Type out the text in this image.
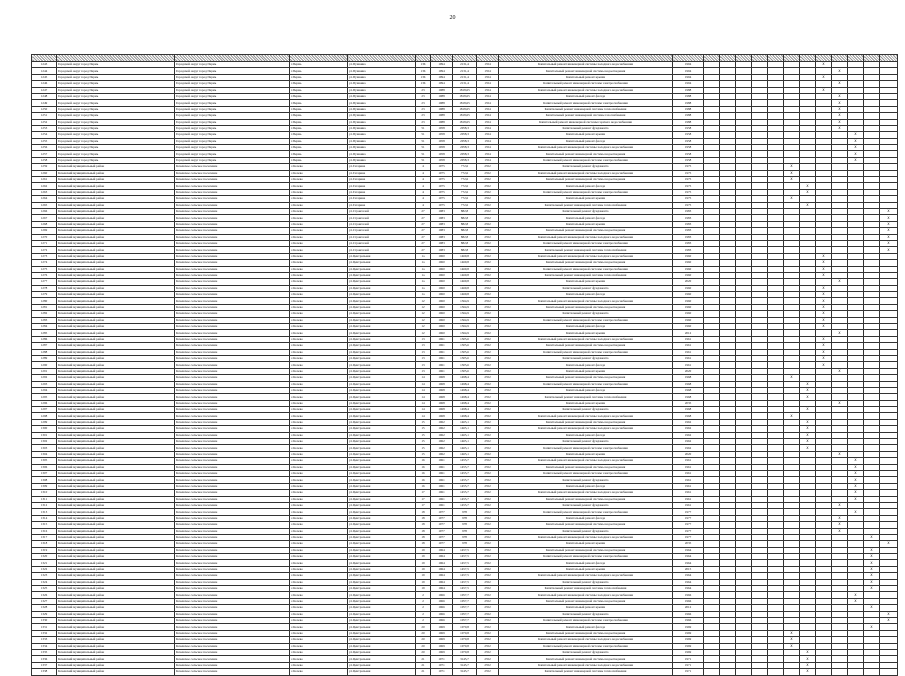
20

1243	Городской округ город Пермь	Городской округ город Пермь	г.Пермь	ул.Пушкина	136	1994	2131,4	1354	Капитальный ремонт инженерной системы холодного водоснабжения	1994								X				
1244	Городской округ город Пермь	Городской округ город Пермь	г.Пермь	ул.Пушкина	136	1994	2131,4	1354	Капитальный ремонт инженерной системы водоотведения	1994									X			
1245	Городской округ город Пермь	Городской округ город Пермь	г.Пермь	ул.Пушкина	136	1994	2131,4	1354	Капитальный ремонт крыши	1994								X				
1246	Городской округ город Пермь	Городской округ город Пермь	г.Пермь	ул.Пушкина	136	1994	2131,4	1354	Капитальный ремонт инженерной системы электроснабжения	1994									X			
1247	Городской округ город Пермь	Городской округ город Пермь	г.Пермь	ул.Пушкина	23	1988	1818,65	1354	Капитальный ремонт инженерной системы холодного водоснабжения	1988								X				
1248	Городской округ город Пермь	Городской округ город Пермь	г.Пермь	ул.Пушкина	23	1988	1818,65	1354	Капитальный ремонт фасада	1988									X			
1249	Городской округ город Пермь	Городской округ город Пермь	г.Пермь	ул.Пушкина	23	1988	1818,65	1354	Капитальный ремонт инженерной системы электроснабжения	1988									X			
1250	Городской округ город Пермь	Городской округ город Пермь	г.Пермь	ул.Пушкина	23	1988	1818,65	1354	Капитальный ремонт инженерной системы теплоснабжения	1988									X			
1251	Городской округ город Пермь	Городской округ город Пермь	г.Пермь	ул.Пушкина	23	1988	1818,65	1354	Капитальный ремонт инженерной системы газоснабжения	1988									X			
1252	Городской округ город Пермь	Городской округ город Пермь	г.Пермь	ул.Пушкина	23	1988	1818,65	1354	Капитальный ремонт инженерной системы горячего водоснабжения	1988									X			
1253	Городской округ город Пермь	Городской округ город Пермь	г.Пермь	ул.Пушкина	51	1958	2058,3	1354	Капитальный ремонт фундамента	1958									X			
1254	Городской округ город Пермь	Городской округ город Пермь	г.Пермь	ул.Пушкина	51	1958	2058,3	1354	Капитальный ремонт крыши	1958										X		
1255	Городской округ город Пермь	Городской округ город Пермь	г.Пермь	ул.Пушкина	51	1958	2058,3	1354	Капитальный ремонт фасада	1958										X		
1256	Городской округ город Пермь	Городской округ город Пермь	г.Пермь	ул.Пушкина	51	1958	2058,3	1354	Капитальный ремонт инженерной системы холодного водоснабжения	1958										X		
1257	Городской округ город Пермь	Городской округ город Пермь	г.Пермь	ул.Пушкина	51	1958	2058,3	1354	Капитальный ремонт инженерной системы водоотведения	1958										X		
1258	Городской округ город Пермь	Городской округ город Пермь	г.Пермь	ул.Пушкина	51	1958	2058,3	1354	Капитальный ремонт инженерной системы электроснабжения	1958										X		
1259	Кочевский муниципальный район	Кочевское сельское поселение	с.Кочево	ул.Гагарина	4	1975	772,6	2352	Капитальный ремонт фундамента	1975						X						
1260	Кочевский муниципальный район	Кочевское сельское поселение	с.Кочево	ул.Гагарина	4	1975	772,6	2352	Капитальный ремонт инженерной системы холодного водоснабжения	1975						X						
1261	Кочевский муниципальный район	Кочевское сельское поселение	с.Кочево	ул.Гагарина	4	1975	772,6	2352	Капитальный ремонт инженерной системы водоотведения	1975						X						
1262	Кочевский муниципальный район	Кочевское сельское поселение	с.Кочево	ул.Гагарина	4	1975	772,6	2352	Капитальный ремонт фасада	1975							X					
1263	Кочевский муниципальный район	Кочевское сельское поселение	с.Кочево	ул.Гагарина	4	1975	772,6	2352	Капитальный ремонт инженерной системы электроснабжения	1975							X					
1264	Кочевский муниципальный район	Кочевское сельское поселение	с.Кочево	ул.Гагарина	4	1975	772,6	2352	Капитальный ремонт крыши	1975						X						
1265	Кочевский муниципальный район	Кочевское сельское поселение	с.Кочево	ул.Гагарина	4	1975	772,6	2352	Капитальный ремонт инженерной системы теплоснабжения	1975							X					
1266	Кочевский муниципальный район	Кочевское сельское поселение	с.Кочево	ул.Строителей	27	1983	882,8	2352	Капитальный ремонт фундамента	1983												X
1267	Кочевский муниципальный район	Кочевское сельское поселение	с.Кочево	ул.Строителей	27	1983	882,8	2352	Капитальный ремонт фасада	1983												X
1268	Кочевский муниципальный район	Кочевское сельское поселение	с.Кочево	ул.Строителей	27	1983	882,8	2352	Капитальный ремонт крыши	1983												X
1269	Кочевский муниципальный район	Кочевское сельское поселение	с.Кочево	ул.Строителей	27	1983	882,8	2352	Капитальный ремонт инженерной системы водоотведения	1983												X
1270	Кочевский муниципальный район	Кочевское сельское поселение	с.Кочево	ул.Строителей	27	1983	882,8	2352	Капитальный ремонт инженерной системы холодного водоснабжения	1983												X
1271	Кочевский муниципальный район	Кочевское сельское поселение	с.Кочево	ул.Строителей	27	1983	882,8	2352	Капитальный ремонт инженерной системы электроснабжения	1983												X
1272	Кочевский муниципальный район	Кочевское сельское поселение	с.Кочево	ул.Строителей	27	1983	882,8	2352	Капитальный ремонт инженерной системы теплоснабжения	1983												X
1273	Кочевский муниципальный район	Кочевское сельское поселение	с.Кочево	ул.Центральная	1а	1960	1469,8	2352	Капитальный ремонт инженерной системы холодного водоснабжения	1960								X				
1274	Кочевский муниципальный район	Кочевское сельское поселение	с.Кочево	ул.Центральная	1а	1960	1469,8	2352	Капитальный ремонт инженерной системы водоотведения	1960								X				
1275	Кочевский муниципальный район	Кочевское сельское поселение	с.Кочево	ул.Центральная	1а	1960	1469,8	2352	Капитальный ремонт инженерной системы электроснабжения	1960								X				
1276	Кочевский муниципальный район	Кочевское сельское поселение	с.Кочево	ул.Центральная	1а	1960	1469,8	2352	Капитальный ремонт инженерной системы теплоснабжения	1960								X				
1277	Кочевский муниципальный район	Кочевское сельское поселение	с.Кочево	ул.Центральная	1а	1960	1469,8	2352	Капитальный ремонт крыши	2020									X			
1278	Кочевский муниципальный район	Кочевское сельское поселение	с.Кочево	ул.Центральная	1а	1960	1469,8	2352	Капитальный ремонт фундамента	1960								X				
1279	Кочевский муниципальный район	Кочевское сельское поселение	с.Кочево	ул.Центральная	1а	1960	1469,8	2352	Капитальный ремонт фасада	1960								X				
1280	Кочевский муниципальный район	Кочевское сельское поселение	с.Кочево	ул.Центральная	12	1960	1364,9	2352	Капитальный ремонт инженерной системы холодного водоснабжения	1960								X				
1281	Кочевский муниципальный район	Кочевское сельское поселение	с.Кочево	ул.Центральная	12	1960	1364,9	2352	Капитальный ремонт инженерной системы водоотведения	1960								X				
1282	Кочевский муниципальный район	Кочевское сельское поселение	с.Кочево	ул.Центральная	12	1960	1364,9	2352	Капитальный ремонт фундамента	1960								X				
1283	Кочевский муниципальный район	Кочевское сельское поселение	с.Кочево	ул.Центральная	12	1960	1364,9	2352	Капитальный ремонт инженерной системы электроснабжения	1960								X				
1284	Кочевский муниципальный район	Кочевское сельское поселение	с.Кочево	ул.Центральная	12	1960	1364,9	2352	Капитальный ремонт фасада	1960								X				
1285	Кочевский муниципальный район	Кочевское сельское поселение	с.Кочево	ул.Центральная	12	1960	1364,9	2352	Капитальный ремонт крыши	2012									X			
1286	Кочевский муниципальный район	Кочевское сельское поселение	с.Кочево	ул.Центральная	13	1961	1305,6	2352	Капитальный ремонт инженерной системы холодного водоснабжения	1961								X				
1287	Кочевский муниципальный район	Кочевское сельское поселение	с.Кочево	ул.Центральная	13	1961	1305,6	2352	Капитальный ремонт инженерной системы водоотведения	1961								X				
1288	Кочевский муниципальный район	Кочевское сельское поселение	с.Кочево	ул.Центральная	13	1961	1305,6	2352	Капитальный ремонт инженерной системы электроснабжения	1961								X				
1289	Кочевский муниципальный район	Кочевское сельское поселение	с.Кочево	ул.Центральная	13	1961	1305,6	2352	Капитальный ремонт фундамента	1961								X				
1290	Кочевский муниципальный район	Кочевское сельское поселение	с.Кочево	ул.Центральная	13	1961	1305,6	2352	Капитальный ремонт фасада	1961								X				
1291	Кочевский муниципальный район	Кочевское сельское поселение	с.Кочево	ул.Центральная	13	1961	1305,6	2352	Капитальный ремонт крыши	2020									X			
1292	Кочевский муниципальный район	Кочевское сельское поселение	с.Кочево	ул.Центральная	14	1968	1498,4	2352	Капитальный ремонт инженерной системы водоотведения	1968						X						
1293	Кочевский муниципальный район	Кочевское сельское поселение	с.Кочево	ул.Центральная	14	1968	1498,4	2352	Капитальный ремонт инженерной системы электроснабжения	1968							X					
1294	Кочевский муниципальный район	Кочевское сельское поселение	с.Кочево	ул.Центральная	14	1968	1498,4	2352	Капитальный ремонт фасада	1968							X					
1295	Кочевский муниципальный район	Кочевское сельское поселение	с.Кочево	ул.Центральная	14	1968	1498,4	2352	Капитальный ремонт инженерной системы теплоснабжения	1968							X					
1296	Кочевский муниципальный район	Кочевское сельское поселение	с.Кочево	ул.Центральная	14	1968	1498,4	2352	Капитальный ремонт крыши	2035									X			
1297	Кочевский муниципальный район	Кочевское сельское поселение	с.Кочево	ул.Центральная	14	1968	1498,4	2352	Капитальный ремонт фундамента	1968							X					
1298	Кочевский муниципальный район	Кочевское сельское поселение	с.Кочево	ул.Центральная	14	1968	1498,4	2352	Капитальный ремонт инженерной системы холодного водоснабжения	1968						X						
1299	Кочевский муниципальный район	Кочевское сельское поселение	с.Кочево	ул.Центральная	15	1962	1465,1	2352	Капитальный ремонт инженерной системы водоотведения	1962							X					
1300	Кочевский муниципальный район	Кочевское сельское поселение	с.Кочево	ул.Центральная	15	1962	1465,1	2352	Капитальный ремонт инженерной системы холодного водоснабжения	1962							X					
1301	Кочевский муниципальный район	Кочевское сельское поселение	с.Кочево	ул.Центральная	15	1962	1465,1	2352	Капитальный ремонт фасада	1962							X					
1302	Кочевский муниципальный район	Кочевское сельское поселение	с.Кочево	ул.Центральная	15	1962	1465,1	2352	Капитальный ремонт фундамента	1962							X					
1303	Кочевский муниципальный район	Кочевское сельское поселение	с.Кочево	ул.Центральная	15	1962	1465,1	2352	Капитальный ремонт инженерной системы электроснабжения	1962							X					
1304	Кочевский муниципальный район	Кочевское сельское поселение	с.Кочево	ул.Центральная	15	1962	1465,1	2352	Капитальный ремонт крыши	2020									X			
1305	Кочевский муниципальный район	Кочевское сельское поселение	с.Кочево	ул.Центральная	16	1961	1455,7	2352	Капитальный ремонт инженерной системы холодного водоснабжения	1961										X		
1306	Кочевский муниципальный район	Кочевское сельское поселение	с.Кочево	ул.Центральная	16	1961	1455,7	2352	Капитальный ремонт инженерной системы водоотведения	1961										X		
1307	Кочевский муниципальный район	Кочевское сельское поселение	с.Кочево	ул.Центральная	16	1961	1455,7	2352	Капитальный ремонт инженерной системы электроснабжения	1961										X		
1308	Кочевский муниципальный район	Кочевское сельское поселение	с.Кочево	ул.Центральная	16	1961	1455,7	2352	Капитальный ремонт фундамента	1961										X		
1309	Кочевский муниципальный район	Кочевское сельское поселение	с.Кочево	ул.Центральная	16	1961	1455,7	2352	Капитальный ремонт фасада	1961										X		
1310	Кочевский муниципальный район	Кочевское сельское поселение	с.Кочево	ул.Центральная	17	1961	1455,7	2352	Капитальный ремонт инженерной системы холодного водоснабжения	1961										X		
1311	Кочевский муниципальный район	Кочевское сельское поселение	с.Кочево	ул.Центральная	17	1961	1455,7	2352	Капитальный ремонт инженерной системы водоотведения	1961										X		
1312	Кочевский муниципальный район	Кочевское сельское поселение	с.Кочево	ул.Центральная	17	1961	1455,7	2352	Капитальный ремонт фундамента	1961									X			
1313	Кочевский муниципальный район	Кочевское сельское поселение	с.Кочево	ул.Центральная	18	1977	978	2352	Капитальный ремонт инженерной системы электроснабжения	1977										X		
1314	Кочевский муниципальный район	Кочевское сельское поселение	с.Кочево	ул.Центральная	18	1977	978	2352	Капитальный ремонт фасада	1977									X			
1315	Кочевский муниципальный район	Кочевское сельское поселение	с.Кочево	ул.Центральная	18	1977	978	2352	Капитальный ремонт инженерной системы водоотведения	1977									X			
1316	Кочевский муниципальный район	Кочевское сельское поселение	с.Кочево	ул.Центральная	18	1977	978	2352	Капитальный ремонт фундамента	1977									X			
1317	Кочевский муниципальный район	Кочевское сельское поселение	с.Кочево	ул.Центральная	18	1977	978	2352	Капитальный ремонт инженерной системы холодного водоснабжения	1977											X	
1318	Кочевский муниципальный район	Кочевское сельское поселение	с.Кочево	ул.Центральная	18	1977	978	2352	Капитальный ремонт крыши	2035												X
1319	Кочевский муниципальный район	Кочевское сельское поселение	с.Кочево	ул.Центральная	19	1964	1457,5	2352	Капитальный ремонт инженерной системы водоотведения	1964											X	
1320	Кочевский муниципальный район	Кочевское сельское поселение	с.Кочево	ул.Центральная	19	1964	1457,5	2352	Капитальный ремонт инженерной системы электроснабжения	1964											X	
1321	Кочевский муниципальный район	Кочевское сельское поселение	с.Кочево	ул.Центральная	19	1964	1457,5	2352	Капитальный ремонт фасада	1964											X	
1322	Кочевский муниципальный район	Кочевское сельское поселение	с.Кочево	ул.Центральная	19	1964	1457,5	2352	Капитальный ремонт крыши	2015											X	
1323	Кочевский муниципальный район	Кочевское сельское поселение	с.Кочево	ул.Центральная	19	1964	1457,5	2352	Капитальный ремонт инженерной системы холодного водоснабжения	1964											X	
1324	Кочевский муниципальный район	Кочевское сельское поселение	с.Кочево	ул.Центральная	19	1964	1457,5	2352	Капитальный ремонт фундамента	1964											X	
1325	Кочевский муниципальный район	Кочевское сельское поселение	с.Кочево	ул.Центральная	19	1964	1457,5	2352	Капитальный ремонт инженерной системы теплоснабжения	1964											X	
1326	Кочевский муниципальный район	Кочевское сельское поселение	с.Кочево	ул.Центральная	2	1966	1057,7	2352	Капитальный ремонт инженерной системы холодного водоснабжения	1966										X		
1327	Кочевский муниципальный район	Кочевское сельское поселение	с.Кочево	ул.Центральная	2	1966	1057,7	2352	Капитальный ремонт инженерной системы водоотведения	1966										X		
1328	Кочевский муниципальный район	Кочевское сельское поселение	с.Кочево	ул.Центральная	2	1966	1057,7	2352	Капитальный ремонт крыши	2012											X	
1329	Кочевский муниципальный район	Кочевское сельское поселение	с.Кочево	ул.Центральная	2	1966	1057,7	2352	Капитальный ремонт фундамента	1966												X
1330	Кочевский муниципальный район	Кочевское сельское поселение	с.Кочево	ул.Центральная	2	1966	1057,7	2352	Капитальный ремонт инженерной системы электроснабжения	1966												X
1331	Кочевский муниципальный район	Кочевское сельское поселение	с.Кочево	ул.Центральная	20	1969	1070,8	2352	Капитальный ремонт фасада	1969											X	
1332	Кочевский муниципальный район	Кочевское сельское поселение	с.Кочево	ул.Центральная	20	1969	1070,8	2352	Капитальный ремонт инженерной системы водоотведения	1969						X						
1333	Кочевский муниципальный район	Кочевское сельское поселение	с.Кочево	ул.Центральная	20	1969	1070,8	2352	Капитальный ремонт инженерной системы холодного водоснабжения	1969						X						
1334	Кочевский муниципальный район	Кочевское сельское поселение	с.Кочево	ул.Центральная	20	1969	1070,8	2352	Капитальный ремонт инженерной системы электроснабжения	1969						X						
1335	Кочевский муниципальный район	Кочевское сельское поселение	с.Кочево	ул.Центральная	20	1969	1070,8	2352	Капитальный ремонт фундамента	1969							X					
1336	Кочевский муниципальный район	Кочевское сельское поселение	с.Кочево	ул.Центральная	21	1971	3145,7	2352	Капитальный ремонт инженерной системы водоотведения	1971							X					
1337	Кочевский муниципальный район	Кочевское сельское поселение	с.Кочево	ул.Центральная	21	1971	3145,7	2352	Капитальный ремонт инженерной системы холодного водоснабжения	1971							X					
1338	Кочевский муниципальный район	Кочевское сельское поселение	с.Кочево	ул.Центральная	21	1971	3145,7	2352	Капитальный ремонт инженерной системы теплоснабжения	1971							X					
